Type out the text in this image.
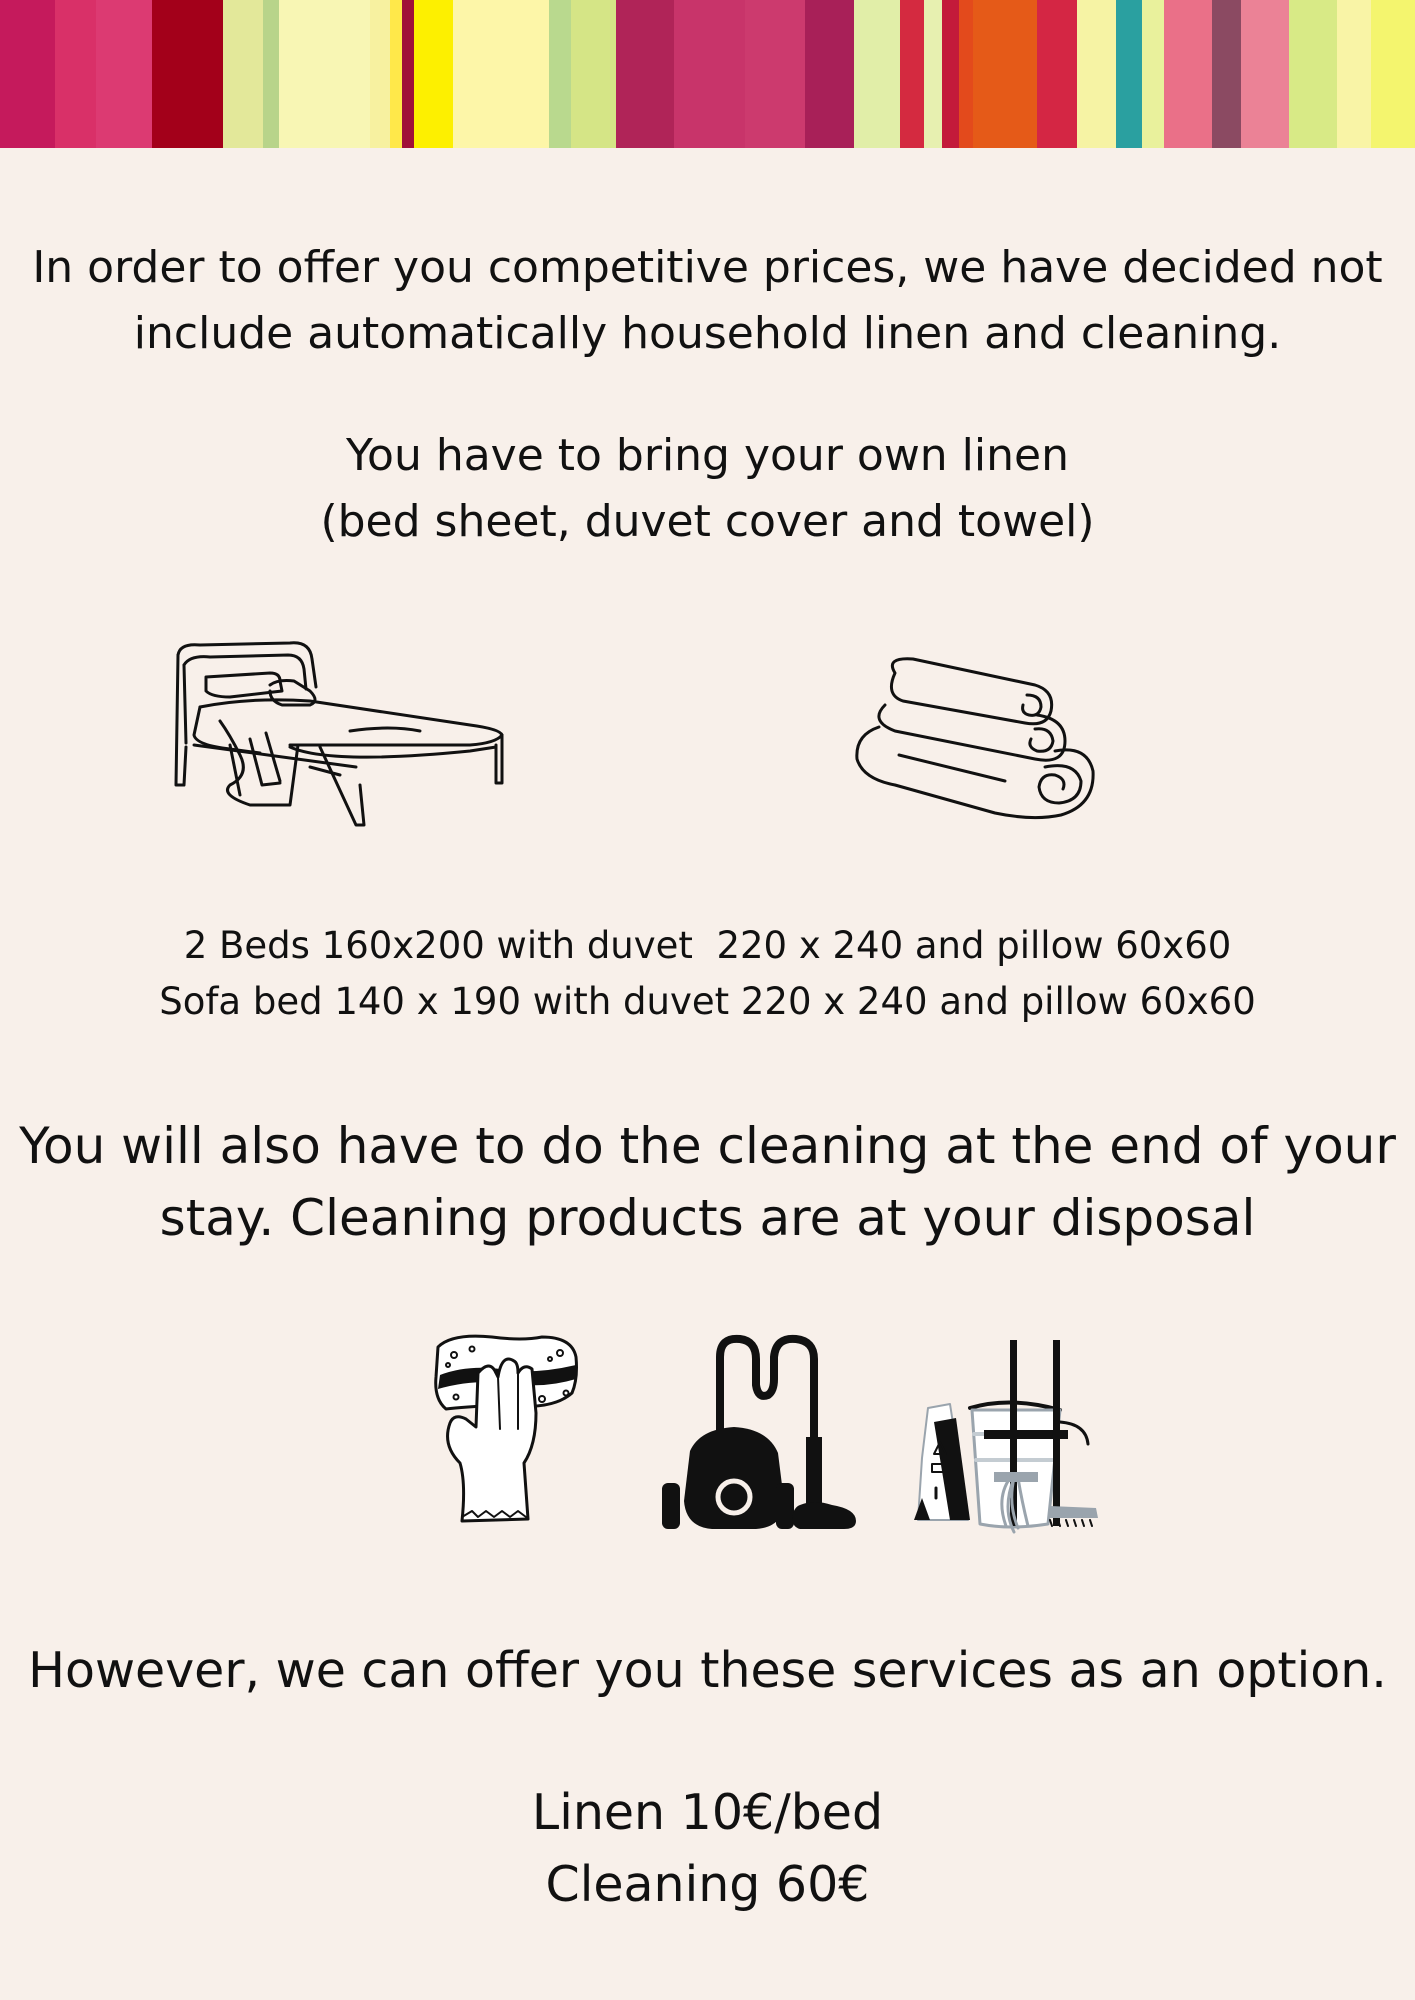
In order to offer you competitive prices, we have decided not
include automatically household linen and cleaning.

You have to bring your own linen
(bed sheet, duvet cover and towel)

2 Beds 160x200 with duvet  220 x 240 and pillow 60x60
Sofa bed 140 x 190 with duvet 220 x 240 and pillow 60x60

You will also have to do the cleaning at the end of your
stay. Cleaning products are at your disposal

However, we can offer you these services as an option.

Linen 10€/bed
Cleaning 60€
